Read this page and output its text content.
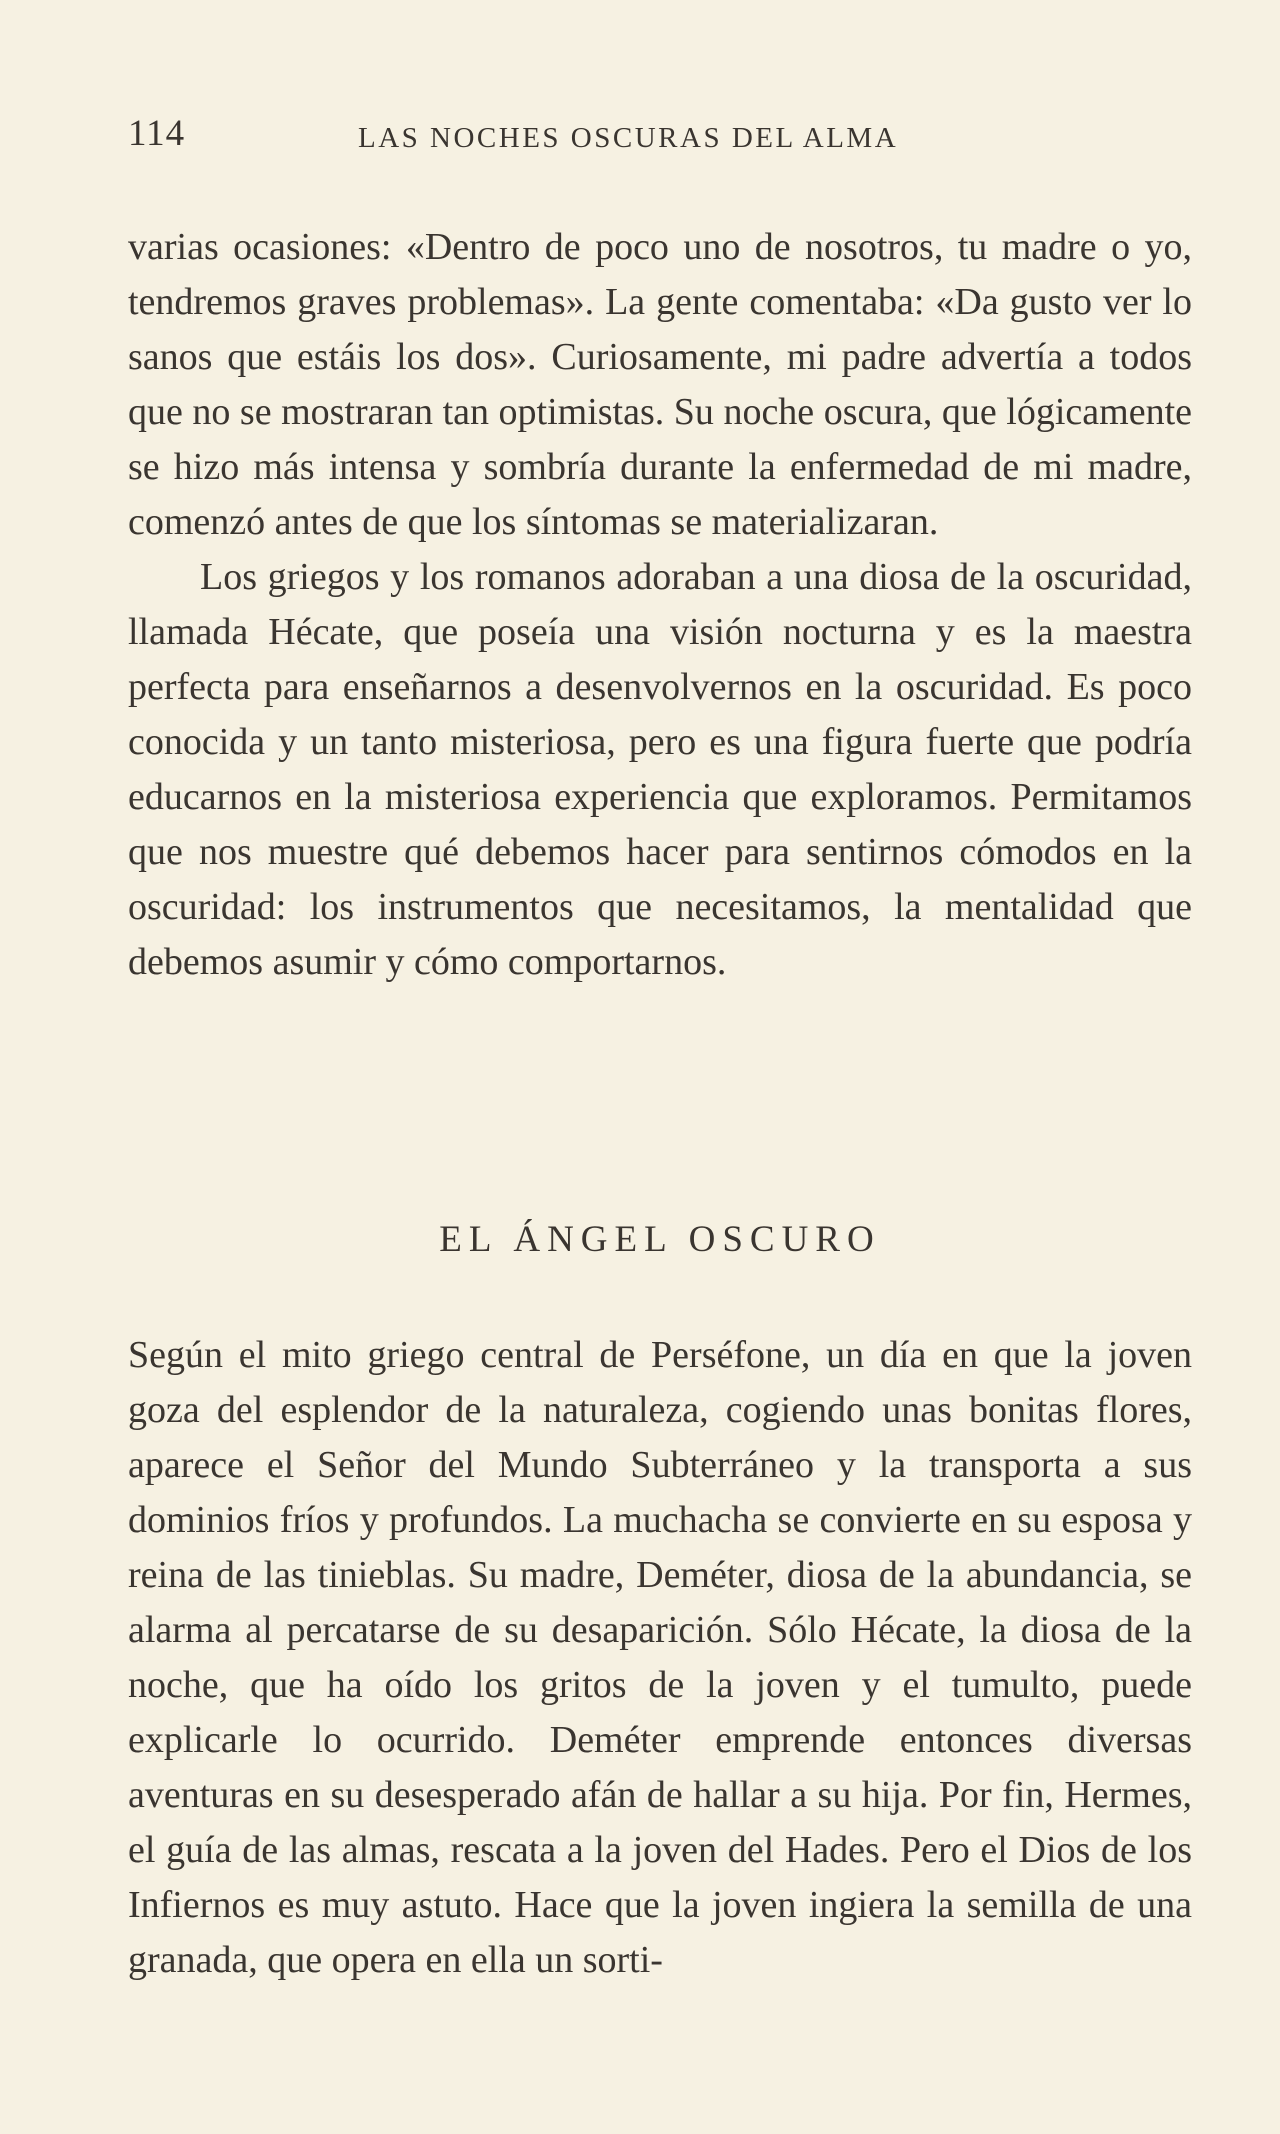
114	LAS NOCHES OSCURAS DEL ALMA

varias ocasiones: «Dentro de poco uno de nosotros, tu madre o yo, tendremos graves problemas». La gente comentaba: «Da gusto ver lo sanos que estáis los dos». Curiosamente, mi padre advertía a todos que no se mostraran tan optimistas. Su noche oscura, que lógicamente se hizo más intensa y sombría durante la enfermedad de mi madre, comenzó antes de que los síntomas se materializaran.

Los griegos y los romanos adoraban a una diosa de la oscuridad, llamada Hécate, que poseía una visión nocturna y es la maestra perfecta para enseñarnos a desenvolvernos en la oscuridad. Es poco conocida y un tanto misteriosa, pero es una figura fuerte que podría educarnos en la misteriosa experiencia que exploramos. Permitamos que nos muestre qué debemos hacer para sentirnos cómodos en la oscuridad: los instrumentos que necesitamos, la mentalidad que debemos asumir y cómo comportarnos.

EL ÁNGEL OSCURO

Según el mito griego central de Perséfone, un día en que la joven goza del esplendor de la naturaleza, cogiendo unas bonitas flores, aparece el Señor del Mundo Subterráneo y la transporta a sus dominios fríos y profundos. La muchacha se convierte en su esposa y reina de las tinieblas. Su madre, Deméter, diosa de la abundancia, se alarma al percatarse de su desaparición. Sólo Hécate, la diosa de la noche, que ha oído los gritos de la joven y el tumulto, puede explicarle lo ocurrido. Deméter emprende entonces diversas aventuras en su desesperado afán de hallar a su hija. Por fin, Hermes, el guía de las almas, rescata a la joven del Hades. Pero el Dios de los Infiernos es muy astuto. Hace que la joven ingiera la semilla de una granada, que opera en ella un sorti-
